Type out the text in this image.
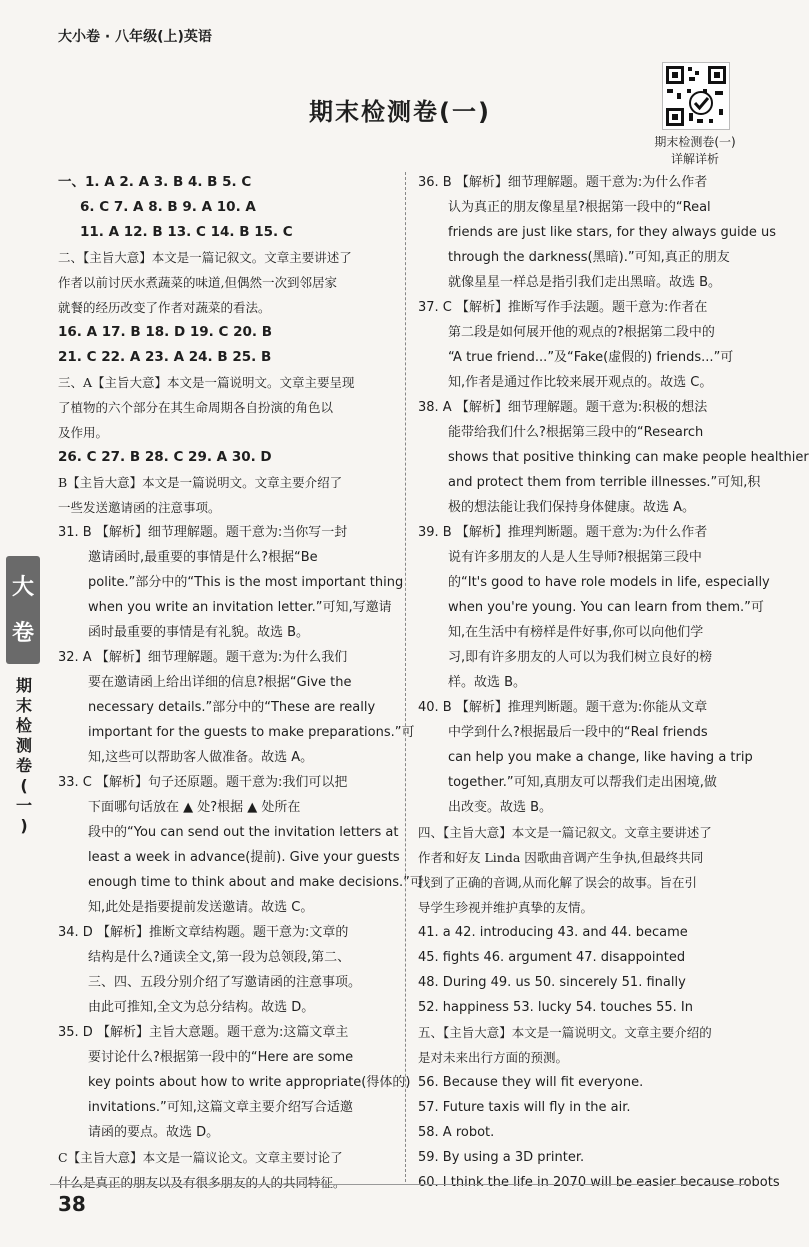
大小卷 · 八年级(上)英语
期末检测卷(一)
期末检测卷(一)
详解详析
一、1. A 2. A 3. B 4. B 5. C
6. C 7. A 8. B 9. A 10. A
11. A 12. B 13. C 14. B 15. C
二、【主旨大意】本文是一篇记叙文。文章主要讲述了
作者以前讨厌水煮蔬菜的味道,但偶然一次到邻居家
就餐的经历改变了作者对蔬菜的看法。
16. A 17. B 18. D 19. C 20. B
21. C 22. A 23. A 24. B 25. B
三、A【主旨大意】本文是一篇说明文。文章主要呈现
了植物的六个部分在其生命周期各自扮演的角色以
及作用。
26. C 27. B 28. C 29. A 30. D
B【主旨大意】本文是一篇说明文。文章主要介绍了
一些发送邀请函的注意事项。
31. B 【解析】细节理解题。题干意为:当你写一封
邀请函时,最重要的事情是什么?根据“Be
polite.”部分中的“This is the most important thing
when you write an invitation letter.”可知,写邀请
函时最重要的事情是有礼貌。故选 B。
32. A 【解析】细节理解题。题干意为:为什么我们
要在邀请函上给出详细的信息?根据“Give the
necessary details.”部分中的“These are really
important for the guests to make preparations.”可
知,这些可以帮助客人做准备。故选 A。
33. C 【解析】句子还原题。题干意为:我们可以把
下面哪句话放在 ▲ 处?根据 ▲ 处所在
段中的“You can send out the invitation letters at
least a week in advance(提前). Give your guests
enough time to think about and make decisions.”可
知,此处是指要提前发送邀请。故选 C。
34. D 【解析】推断文章结构题。题干意为:文章的
结构是什么?通读全文,第一段为总领段,第二、
三、四、五段分别介绍了写邀请函的注意事项。
由此可推知,全文为总分结构。故选 D。
35. D 【解析】主旨大意题。题干意为:这篇文章主
要讨论什么?根据第一段中的“Here are some
key points about how to write appropriate(得体的)
invitations.”可知,这篇文章主要介绍写合适邀
请函的要点。故选 D。
C【主旨大意】本文是一篇议论文。文章主要讨论了
什么是真正的朋友以及有很多朋友的人的共同特征。
36. B 【解析】细节理解题。题干意为:为什么作者
认为真正的朋友像星星?根据第一段中的“Real
friends are just like stars, for they always guide us
through the darkness(黑暗).”可知,真正的朋友
就像星星一样总是指引我们走出黑暗。故选 B。
37. C 【解析】推断写作手法题。题干意为:作者在
第二段是如何展开他的观点的?根据第二段中的
“A true friend...”及“Fake(虚假的) friends...”可
知,作者是通过作比较来展开观点的。故选 C。
38. A 【解析】细节理解题。题干意为:积极的想法
能带给我们什么?根据第三段中的“Research
shows that positive thinking can make people healthier
and protect them from terrible illnesses.”可知,积
极的想法能让我们保持身体健康。故选 A。
39. B 【解析】推理判断题。题干意为:为什么作者
说有许多朋友的人是人生导师?根据第三段中
的“It's good to have role models in life, especially
when you're young. You can learn from them.”可
知,在生活中有榜样是件好事,你可以向他们学
习,即有许多朋友的人可以为我们树立良好的榜
样。故选 B。
40. B 【解析】推理判断题。题干意为:你能从文章
中学到什么?根据最后一段中的“Real friends
can help you make a change, like having a trip
together.”可知,真朋友可以帮我们走出困境,做
出改变。故选 B。
四、【主旨大意】本文是一篇记叙文。文章主要讲述了
作者和好友 Linda 因歌曲音调产生争执,但最终共同
找到了正确的音调,从而化解了误会的故事。旨在引
导学生珍视并维护真挚的友情。
41. a 42. introducing 43. and 44. became
45. fights 46. argument 47. disappointed
48. During 49. us 50. sincerely 51. finally
52. happiness 53. lucky 54. touches 55. In
五、【主旨大意】本文是一篇说明文。文章主要介绍的
是对未来出行方面的预测。
56. Because they will fit everyone.
57. Future taxis will fly in the air.
58. A robot.
59. By using a 3D printer.
60. I think the life in 2070 will be easier because robots
大
卷
期
末
检
测
卷
(
一
)
38
